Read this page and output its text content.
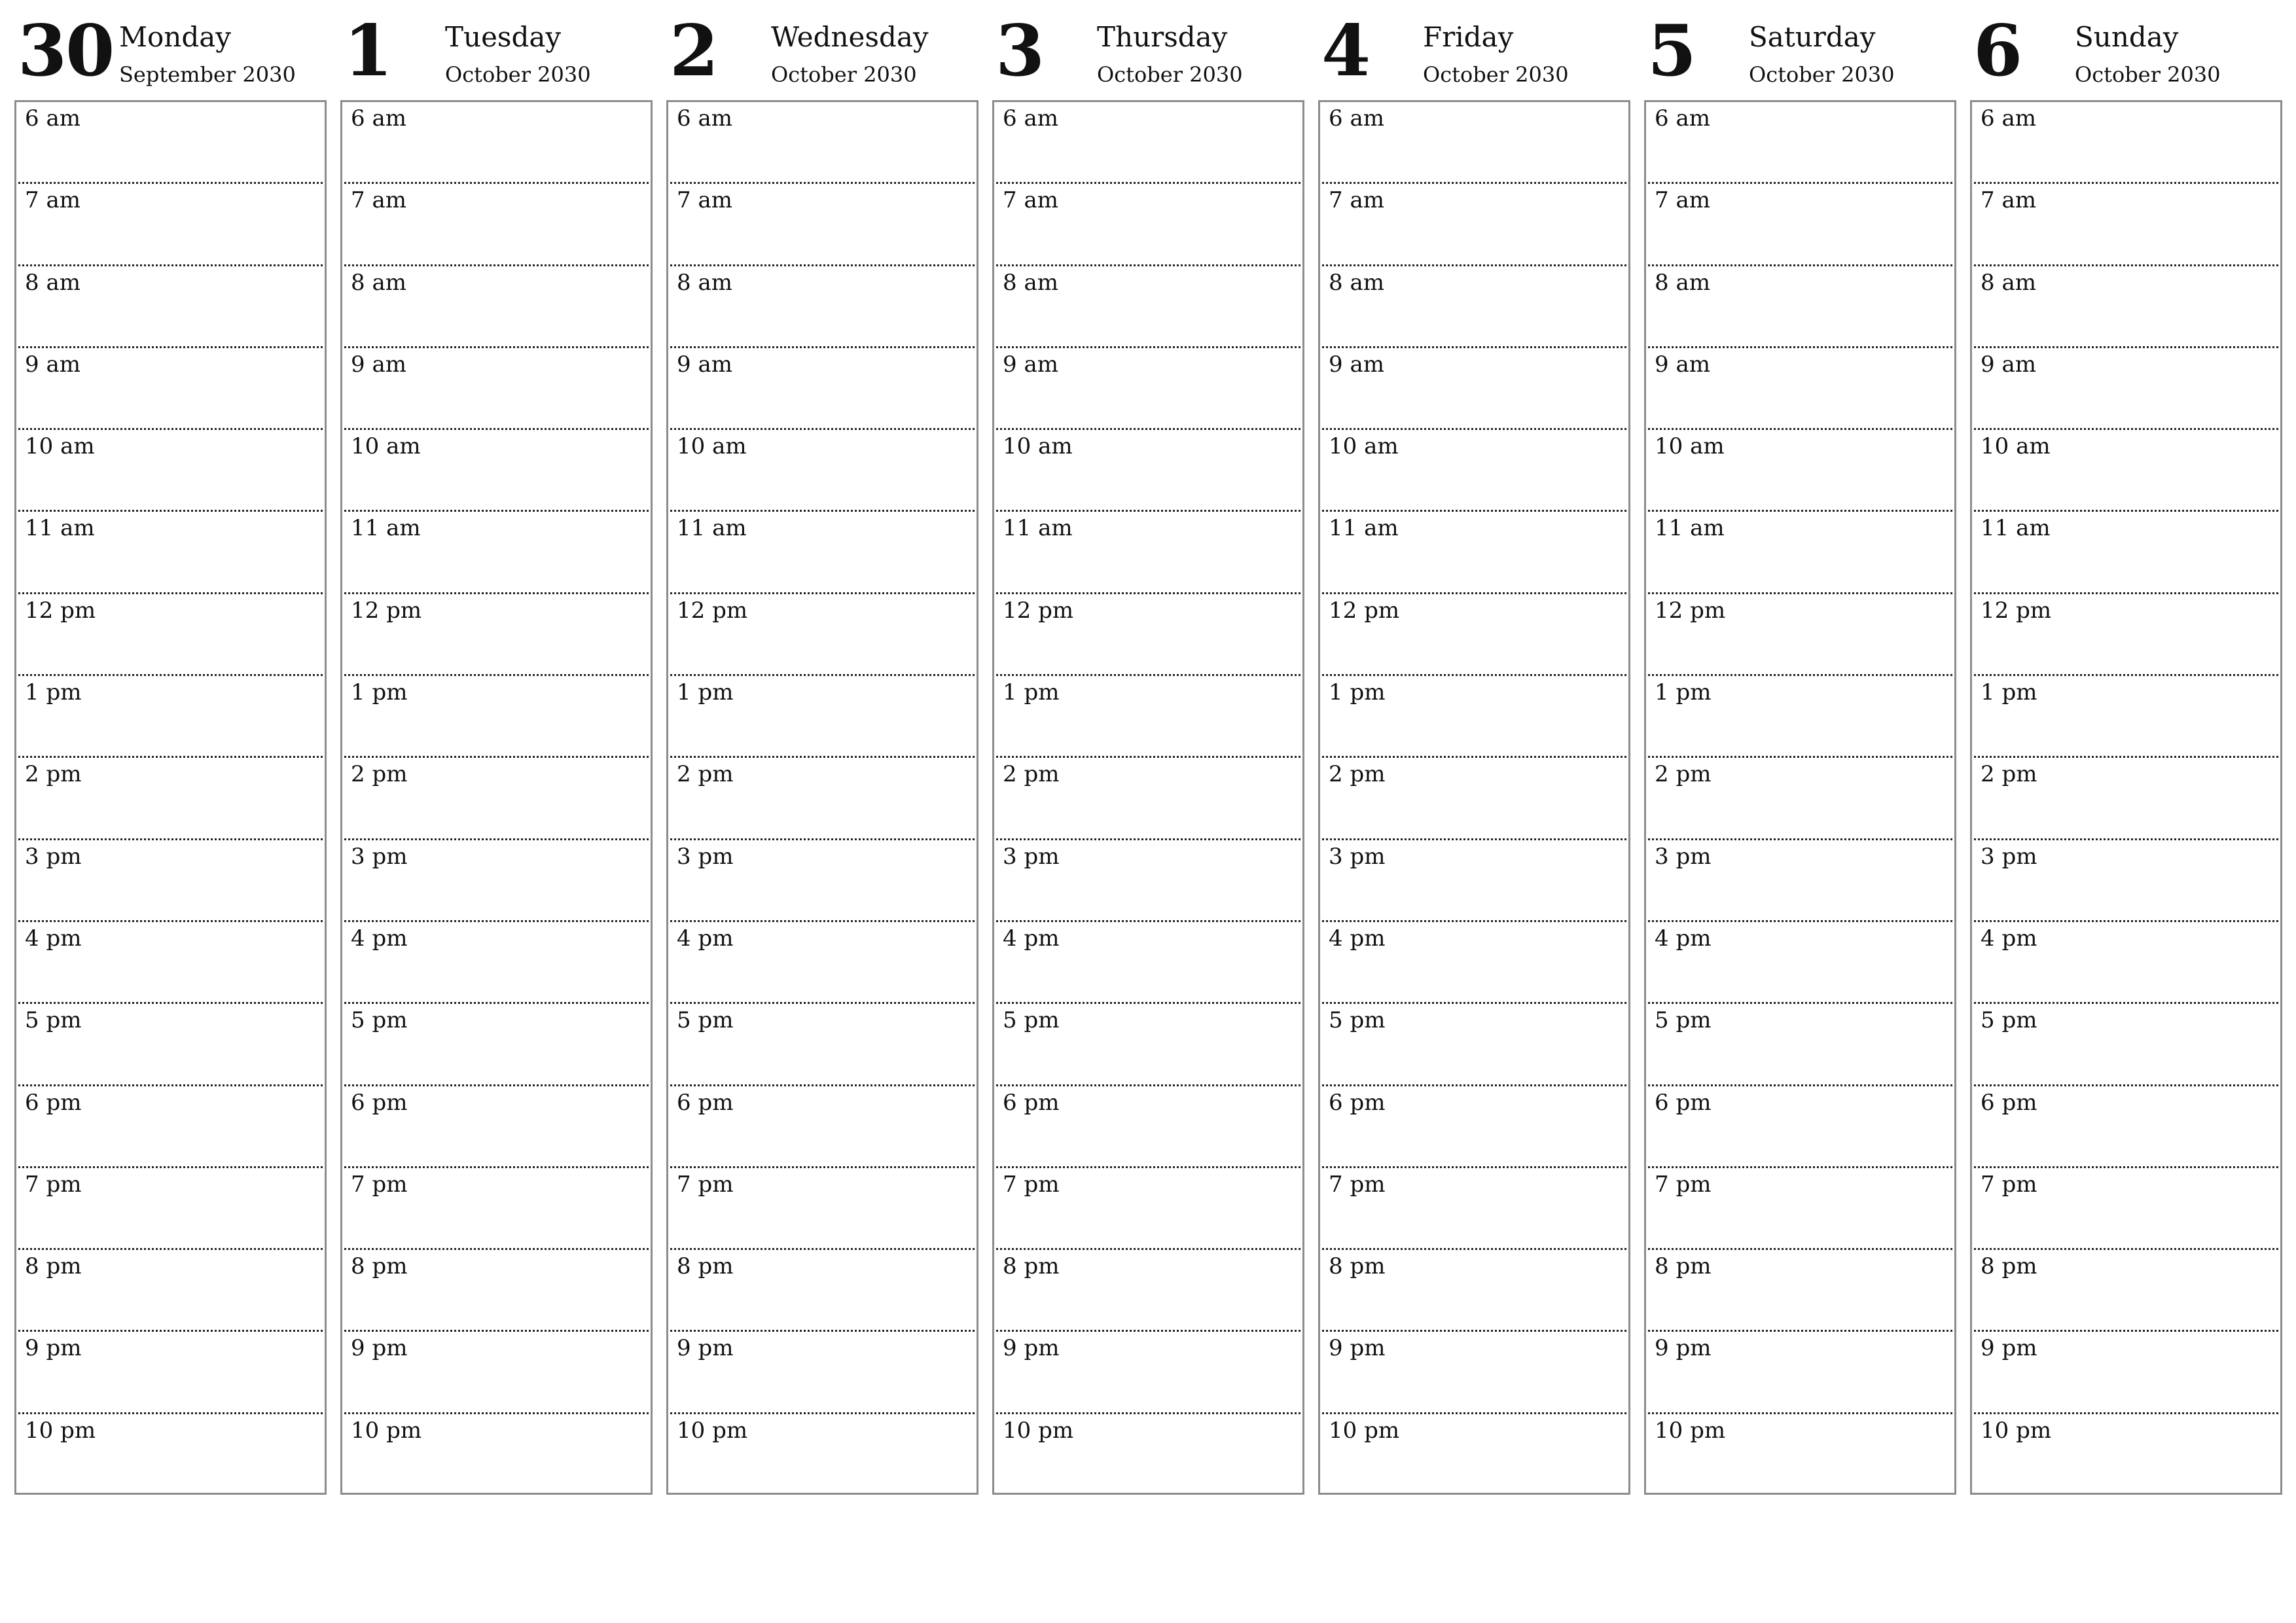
30 Monday
September 2030
6 am
7 am
8 am
9 am
10 am
11 am
12 pm
1 pm
2 pm
3 pm
4 pm
5 pm
6 pm
7 pm
8 pm
9 pm
10 pm
1 Tuesday
October 2030
6 am
7 am
8 am
9 am
10 am
11 am
12 pm
1 pm
2 pm
3 pm
4 pm
5 pm
6 pm
7 pm
8 pm
9 pm
10 pm
2 Wednesday
October 2030
6 am
7 am
8 am
9 am
10 am
11 am
12 pm
1 pm
2 pm
3 pm
4 pm
5 pm
6 pm
7 pm
8 pm
9 pm
10 pm
3 Thursday
October 2030
6 am
7 am
8 am
9 am
10 am
11 am
12 pm
1 pm
2 pm
3 pm
4 pm
5 pm
6 pm
7 pm
8 pm
9 pm
10 pm
4 Friday
October 2030
6 am
7 am
8 am
9 am
10 am
11 am
12 pm
1 pm
2 pm
3 pm
4 pm
5 pm
6 pm
7 pm
8 pm
9 pm
10 pm
5 Saturday
October 2030
6 am
7 am
8 am
9 am
10 am
11 am
12 pm
1 pm
2 pm
3 pm
4 pm
5 pm
6 pm
7 pm
8 pm
9 pm
10 pm
6 Sunday
October 2030
6 am
7 am
8 am
9 am
10 am
11 am
12 pm
1 pm
2 pm
3 pm
4 pm
5 pm
6 pm
7 pm
8 pm
9 pm
10 pm
